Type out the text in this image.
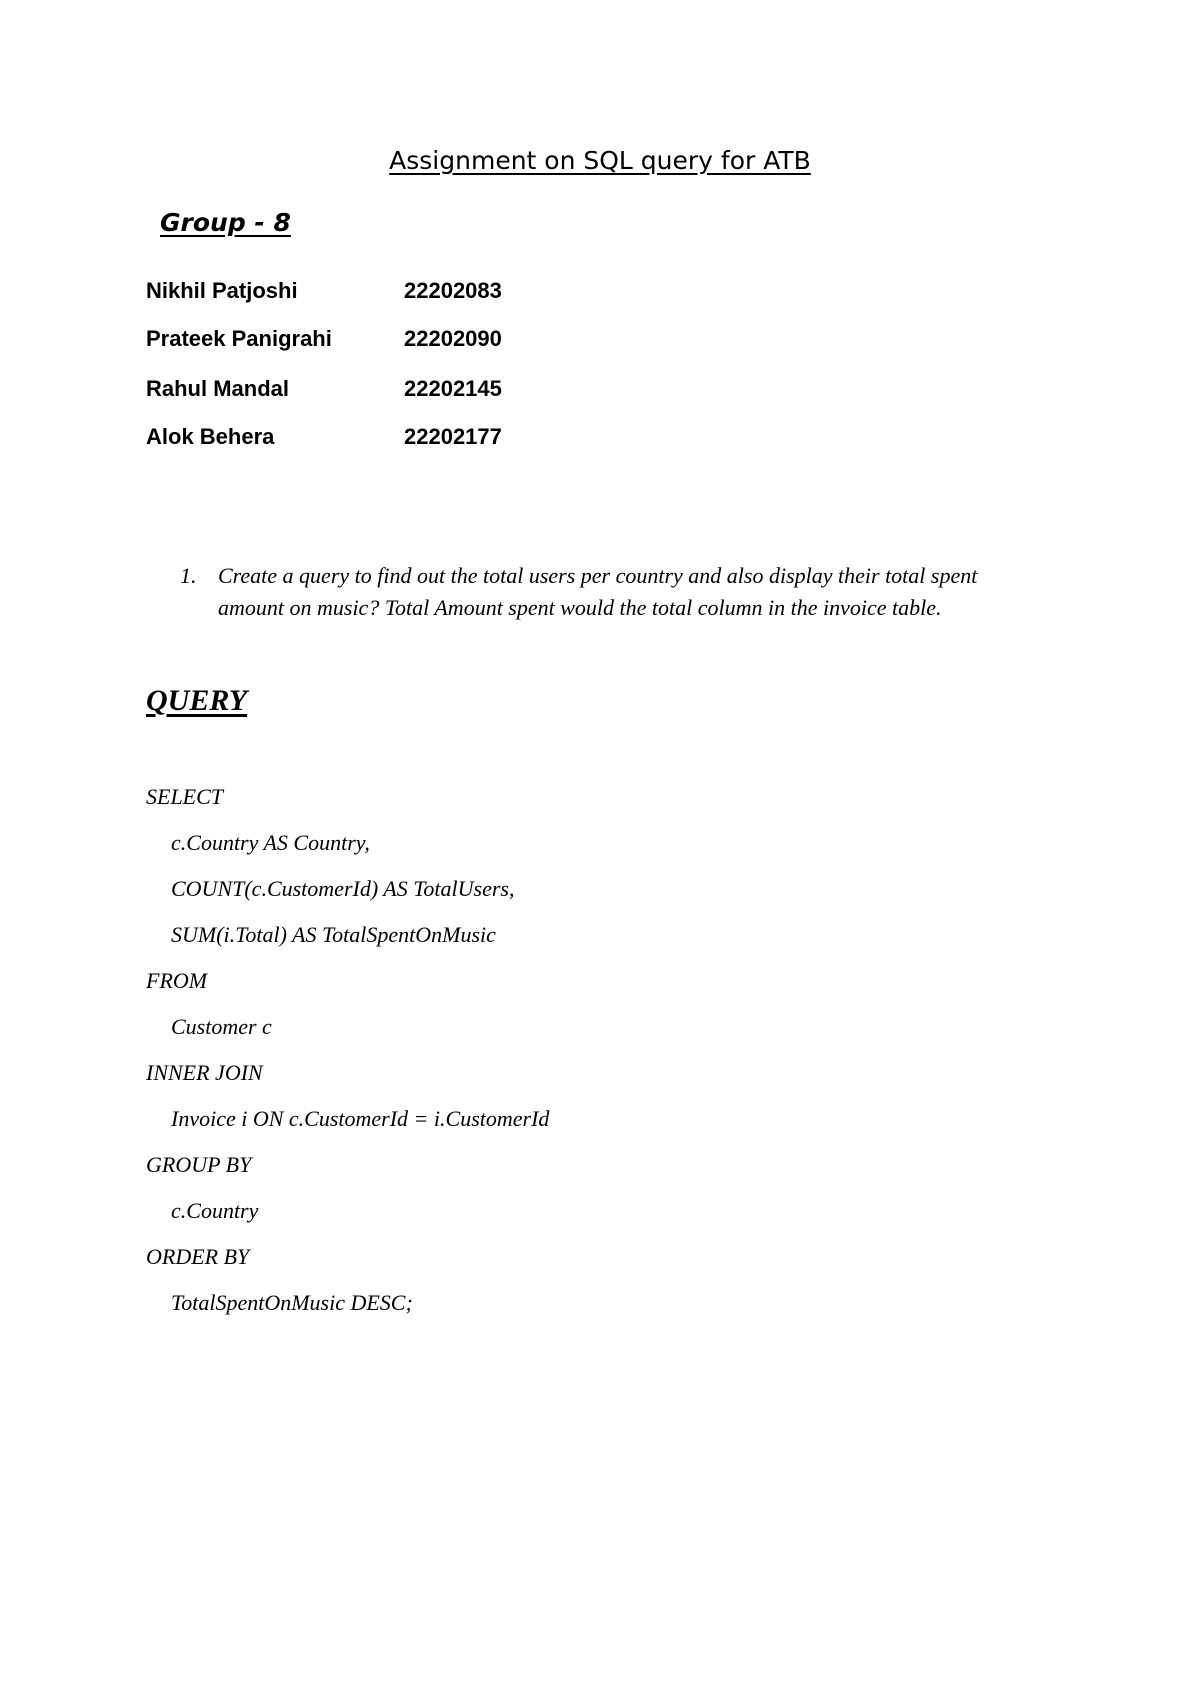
Assignment on SQL query for ATB
Group - 8
Nikhil Patjoshi	22202083
Prateek Panigrahi	22202090
Rahul Mandal	22202145
Alok Behera	22202177
1. Create a query to find out the total users per country and also display their total spent
amount on music? Total Amount spent would the total column in the invoice table.
QUERY
SELECT
c.Country AS Country,
COUNT(c.CustomerId) AS TotalUsers,
SUM(i.Total) AS TotalSpentOnMusic
FROM
Customer c
INNER JOIN
Invoice i ON c.CustomerId = i.CustomerId
GROUP BY
c.Country
ORDER BY
TotalSpentOnMusic DESC;
